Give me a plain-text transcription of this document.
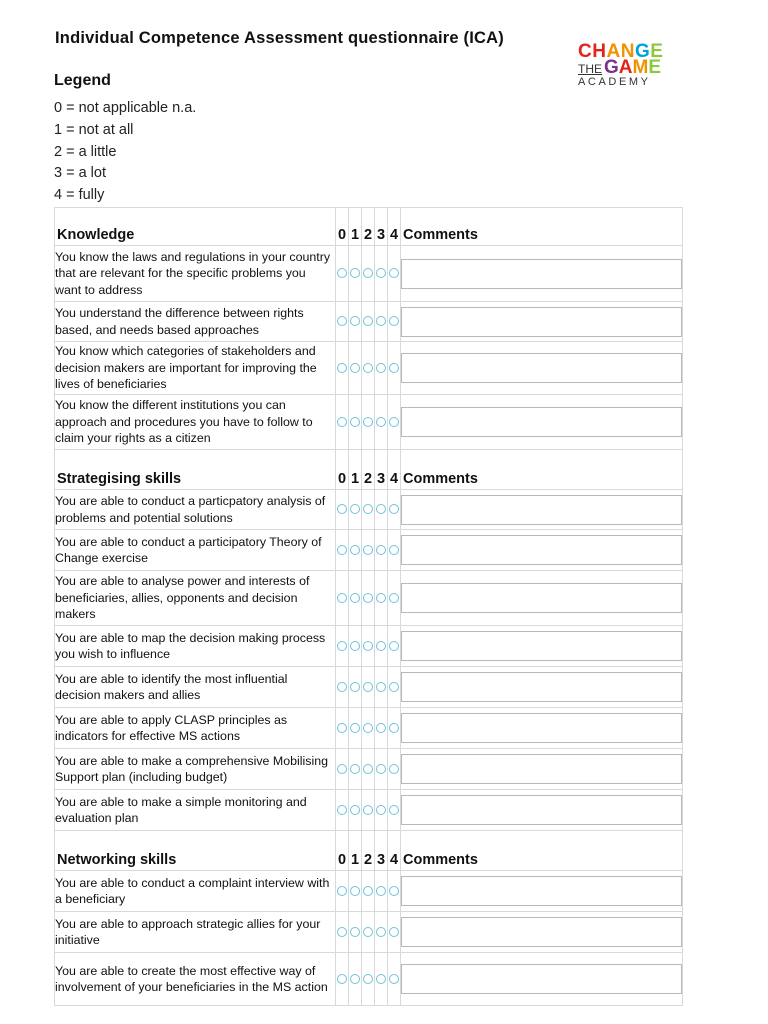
Individual Competence Assessment questionnaire (ICA)
CHANGE
THE GAME
ACADEMY
Legend
0 = not applicable n.a.
1 = not at all
2 = a little
3 = a lot
4 = fully
Knowledge	0	1	2	3	4	Comments
You know the laws and regulations in your country that are relevant for the specific problems you want to address						

You understand the difference between rights based, and needs based approaches						

You know which categories of stakeholders and decision makers are important for improving the lives of beneficiaries						

You know the different institutions you can approach and procedures you have to follow to claim your rights as a citizen						

Strategising skills	0	1	2	3	4	Comments
You are able to conduct a particpatory analysis of problems and potential solutions						

You are able to conduct a participatory Theory of Change exercise						

You are able to analyse power and interests of beneficiaries, allies, opponents and decision makers						

You are able to map the decision making process you wish to influence						

You are able to identify the most influential decision makers and allies						

You are able to apply CLASP principles as indicators for effective MS actions						

You are able to make a comprehensive Mobilising Support plan (including budget)						

You are able to make a simple monitoring and evaluation plan						

Networking skills	0	1	2	3	4	Comments
You are able to conduct a complaint interview with a beneficiary						

You are able to approach strategic allies for your initiative						

You are able to create the most effective way of involvement of your beneficiaries in the MS action						
